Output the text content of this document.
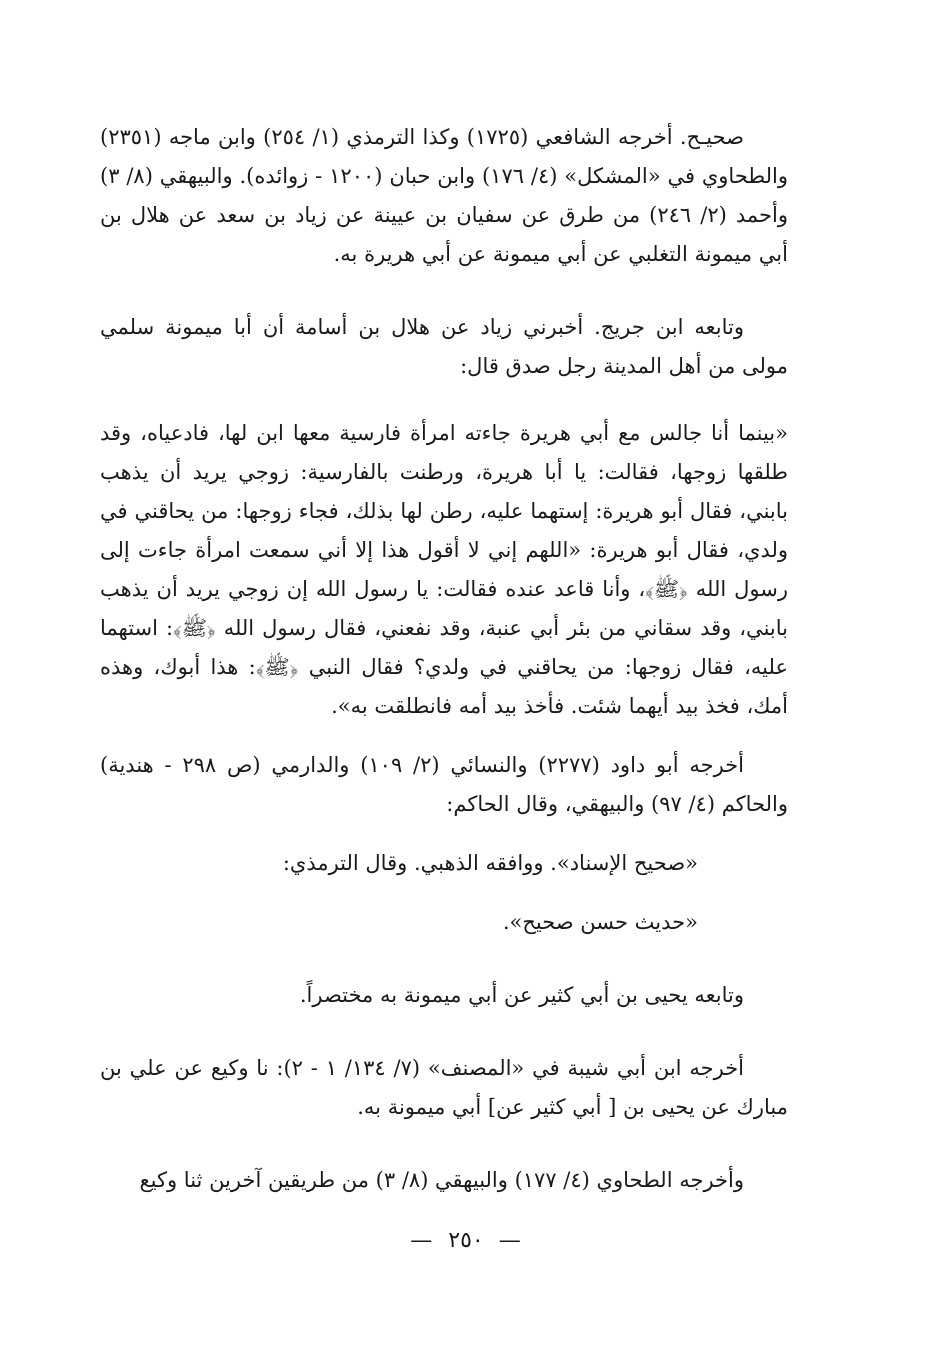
صحيـح. أخرجه الشافعي (١٧٢٥) وكذا الترمذي (١/ ٢٥٤) وابن ماجه (٢٣٥١) والطحاوي في «المشكل» (٤/ ١٧٦) وابن حبان (١٢٠٠ - زوائده). والبيهقي (٨/ ٣) وأحمد (٢/ ٢٤٦) من طرق عن سفيان بن عيينة عن زياد بن سعد عن هلال بن أبي ميمونة التغلبي عن أبي ميمونة عن أبي هريرة به.

وتابعه ابن جريج. أخبرني زياد عن هلال بن أسامة أن أبا ميمونة سلمي مولى من أهل المدينة رجل صدق قال:

«بينما أنا جالس مع أبي هريرة جاءته امرأة فارسية معها ابن لها، فادعياه، وقد طلقها زوجها، فقالت: يا أبا هريرة، ورطنت بالفارسية: زوجي يريد أن يذهب بابني، فقال أبو هريرة: إستهما عليه، رطن لها بذلك، فجاء زوجها: من يحاقني في ولدي، فقال أبو هريرة: «اللهم إني لا أقول هذا إلا أني سمعت امرأة جاءت إلى رسول الله ﴿ﷺ﴾، وأنا قاعد عنده فقالت: يا رسول الله إن زوجي يريد أن يذهب بابني، وقد سقاني من بئر أبي عنبة، وقد نفعني، فقال رسول الله ﴿ﷺ﴾: استهما عليه، فقال زوجها: من يحاقني في ولدي؟ فقال النبي ﴿ﷺ﴾: هذا أبوك، وهذه أمك، فخذ بيد أيهما شئت. فأخذ بيد أمه فانطلقت به».

أخرجه أبو داود (٢٢٧٧) والنسائي (٢/ ١٠٩) والدارمي (ص ٢٩٨ - هندية) والحاكم (٤/ ٩٧) والبيهقي، وقال الحاكم:

«صحيح الإسناد». ووافقه الذهبي. وقال الترمذي:

«حديث حسن صحيح».

وتابعه يحيى بن أبي كثير عن أبي ميمونة به مختصراً.

أخرجه ابن أبي شيبة في «المصنف» (٧/ ١٣٤/ ١ - ٢): نا وكيع عن علي بن مبارك عن يحيى بن [ أبي كثير عن] أبي ميمونة به.

وأخرجه الطحاوي (٤/ ١٧٧) والبيهقي (٨/ ٣) من طريقين آخرين ثنا وكيع

— ٢٥٠ —
